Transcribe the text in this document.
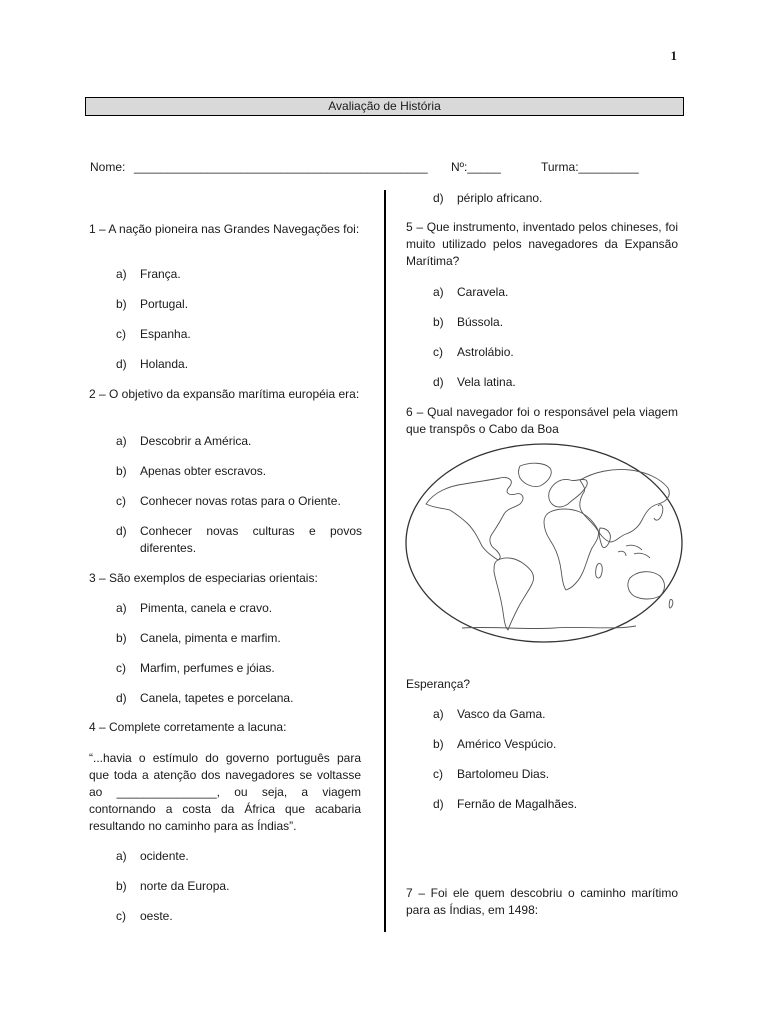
1
Avaliação de História
Nome: ____________________________________________ Nº:_____	Turma:_________
1 – A nação pioneira nas Grandes Navegações foi:
a) França.
b) Portugal.
c) Espanha.
d) Holanda.
2 – O objetivo da expansão marítima européia era:
a) Descobrir a América.
b) Apenas obter escravos.
c) Conhecer novas rotas para o Oriente.
d) Conhecer novas culturas e povos diferentes.
3 – São exemplos de especiarias orientais:
a) Pimenta, canela e cravo.
b) Canela, pimenta e marfim.
c) Marfim, perfumes e jóias.
d) Canela, tapetes e porcelana.
4 – Complete corretamente a lacuna:
“...havia o estímulo do governo português para que toda a atenção dos navegadores se voltasse ao _______________, ou seja, a viagem contornando a costa da África que acabaria resultando no caminho para as Índias”.
a) ocidente.
b) norte da Europa.
c) oeste.
d) périplo africano.
5 – Que instrumento, inventado pelos chineses, foi muito utilizado pelos navegadores da Expansão Marítima?
a) Caravela.
b) Bússola.
c) Astrolábio.
d) Vela latina.
6 – Qual navegador foi o responsável pela viagem que transpôs o Cabo da Boa
Esperança?
a) Vasco da Gama.
b) Américo Vespúcio.
c) Bartolomeu Dias.
d) Fernão de Magalhães.
7 – Foi ele quem descobriu o caminho marítimo para as Índias, em 1498:
